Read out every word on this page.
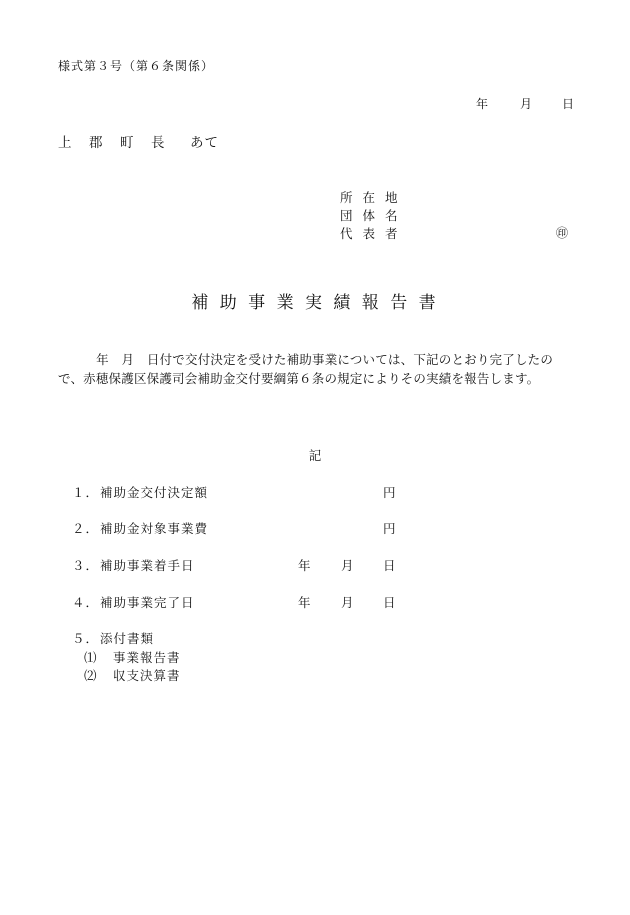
様式第３号（第６条関係）
年	月 日
上　郡　町　長 あて
所 在 地
団 体 名
代 表 者	㊞
補 助 事 業 実 績 報 告 書
　　　年　月　日付で交付決定を受けた補助事業については、下記のとおり完了したので、赤穂保護区保護司会補助金交付要綱第６条の規定によりその実績を報告します。
記
１． 補助金交付決定額	円
２． 補助金対象事業費	円
３． 補助事業着手日	年 月 日
４． 補助事業完了日	年 月 日
５． 添付書類
⑴ 事業報告書
⑵ 収支決算書
